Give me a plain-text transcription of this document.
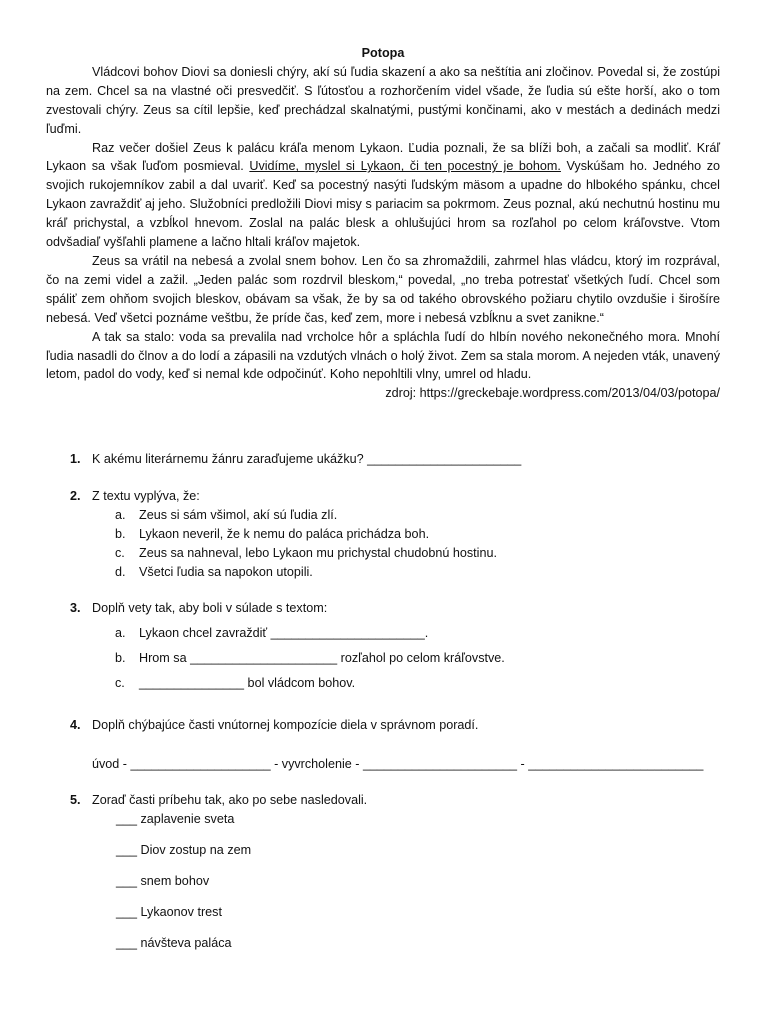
Potopa

Vládcovi bohov Diovi sa doniesli chýry, akí sú ľudia skazení a ako sa neštítia ani zločinov. Povedal si, že zostúpi na zem. Chcel sa na vlastné oči presvedčiť. S ľútosťou a rozhorčením videl všade, že ľudia sú ešte horší, ako o tom zvestovali chýry. Zeus sa cítil lepšie, keď prechádzal skalnatými, pustými končinami, ako v mestách a dedinách medzi ľuďmi.

Raz večer došiel Zeus k palácu kráľa menom Lykaon. Ľudia poznali, že sa blíži boh, a začali sa modliť. Kráľ Lykaon sa však ľuďom posmieval. Uvidíme, myslel si Lykaon, či ten pocestný je bohom. Vyskúšam ho. Jedného zo svojich rukojemníkov zabil a dal uvariť. Keď sa pocestný nasýti ľudským mäsom a upadne do hlbokého spánku, chcel Lykaon zavraždiť aj jeho. Služobníci predložili Diovi misy s pariacim sa pokrmom. Zeus poznal, akú nechutnú hostinu mu kráľ prichystal, a vzbĺkol hnevom. Zoslal na palác blesk a ohlušujúci hrom sa rozľahol po celom kráľovstve. Vtom odvšadiaľ vyšľahli plamene a lačno hltali kráľov majetok.

Zeus sa vrátil na nebesá a zvolal snem bohov. Len čo sa zhromaždili, zahrmel hlas vládcu, ktorý im rozprával, čo na zemi videl a zažil. „Jeden palác som rozdrvil bleskom,“ povedal, „no treba potrestať všetkých ľudí. Chcel som spáliť zem ohňom svojich bleskov, obávam sa však, že by sa od takého obrovského požiaru chytilo ovzdušie i širošíre nebesá. Veď všetci poznáme veštbu, že príde čas, keď zem, more i nebesá vzbĺknu a svet zanikne.“

A tak sa stalo: voda sa prevalila nad vrcholce hôr a spláchla ľudí do hlbín nového nekonečného mora. Mnohí ľudia nasadli do člnov a do lodí a zápasili na vzdutých vlnách o holý život. Zem sa stala morom. A nejeden vták, unavený letom, padol do vody, keď si nemal kde odpočinúť. Koho nepohltili vlny, umrel od hladu.

zdroj: https://greckebaje.wordpress.com/2013/04/03/potopa/

1. K akému literárnemu žánru zaraďujeme ukážku? ______________________
2. Z textu vyplýva, že:
a. Zeus si sám všimol, akí sú ľudia zlí.
b. Lykaon neveril, že k nemu do paláca prichádza boh.
c. Zeus sa nahneval, lebo Lykaon mu prichystal chudobnú hostinu.
d. Všetci ľudia sa napokon utopili.
3. Doplň vety tak, aby boli v súlade s textom:
a. Lykaon chcel zavraždiť ______________________.
b. Hrom sa _____________________ rozľahol po celom kráľovstve.
c. _______________ bol vládcom bohov.
4. Doplň chýbajúce časti vnútornej kompozície diela v správnom poradí.
úvod - ____________________ - vyvrcholenie - ______________________ - _________________________
5. Zoraď časti príbehu tak, ako po sebe nasledovali.
___ zaplavenie sveta
___ Diov zostup na zem
___ snem bohov
___ Lykaonov trest
___ návšteva paláca
